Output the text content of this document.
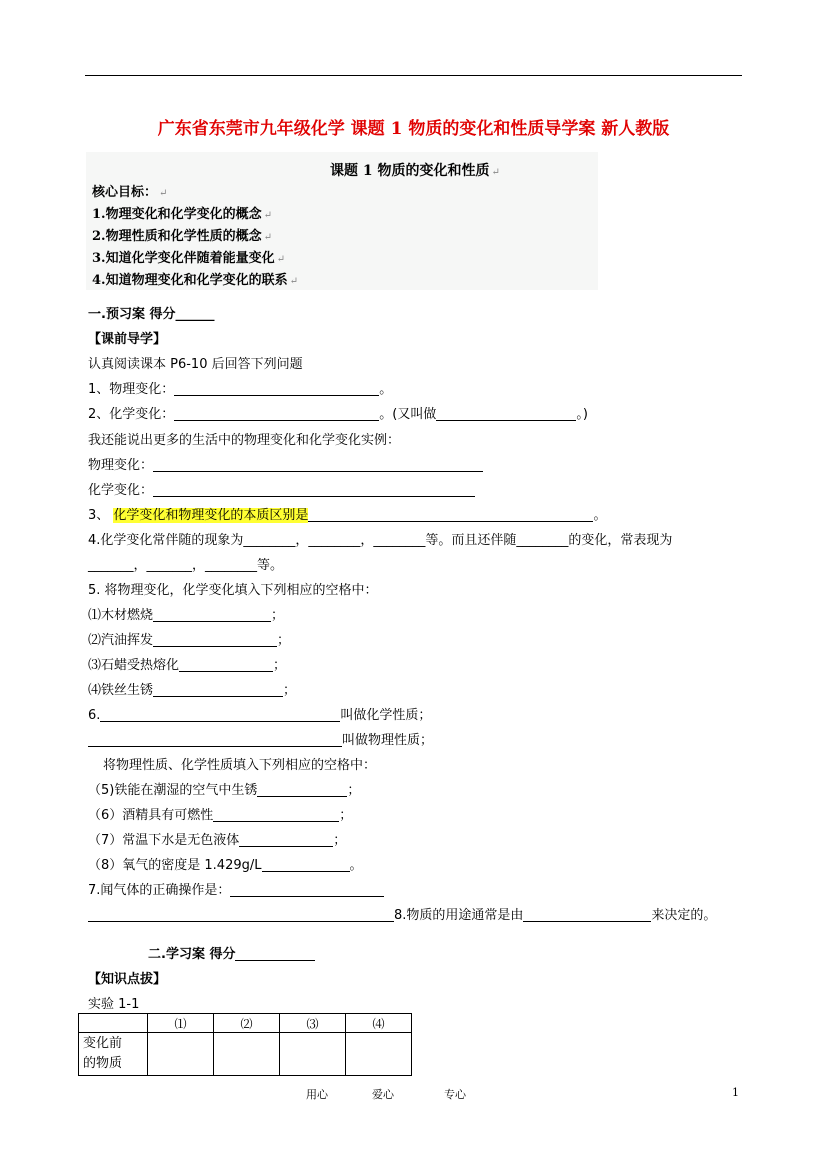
广东省东莞市九年级化学 课题 1 物质的变化和性质导学案 新人教版
课题 1 物质的变化和性质 ↵
核心目标： ↵
1.物理变化和化学变化的概念 ↵
2.物理性质和化学性质的概念 ↵
3.知道化学变化伴随着能量变化 ↵
4.知道物理变化和化学变化的联系 ↵
一.预习案 得分______
【课前导学】
认真阅读课本 P6-10 后回答下列问题
1、物理变化：	。
2、化学变化：	。(又叫做	。)
我还能说出更多的生活中的物理变化和化学变化实例：
物理变化：
化学变化：
3、 化学变化和物理变化的本质区别是	。
4.化学变化常伴随的现象为________，________，________等。而且还伴随________的变化，常表现为
_______，_______，________等。
5. 将物理变化，化学变化填入下列相应的空格中：
⑴木材燃烧	；
⑵汽油挥发	；
⑶石蜡受热熔化	；
⑷铁丝生锈	；
6.	叫做化学性质；
叫做物理性质；
将物理性质、化学性质填入下列相应的空格中：
（5)铁能在潮湿的空气中生锈	；
（6）酒精具有可燃性	；
（7）常温下水是无色液体	；
（8）氧气的密度是 1.429g/L	。
7.闻气体的正确操作是：
8.物质的用途通常是由	来决定的。
二.学习案 得分
【知识点拔】
实验 1-1
	⑴	⑵	⑶	⑷
变化前
的物质				
用心	爱心	专心	1
